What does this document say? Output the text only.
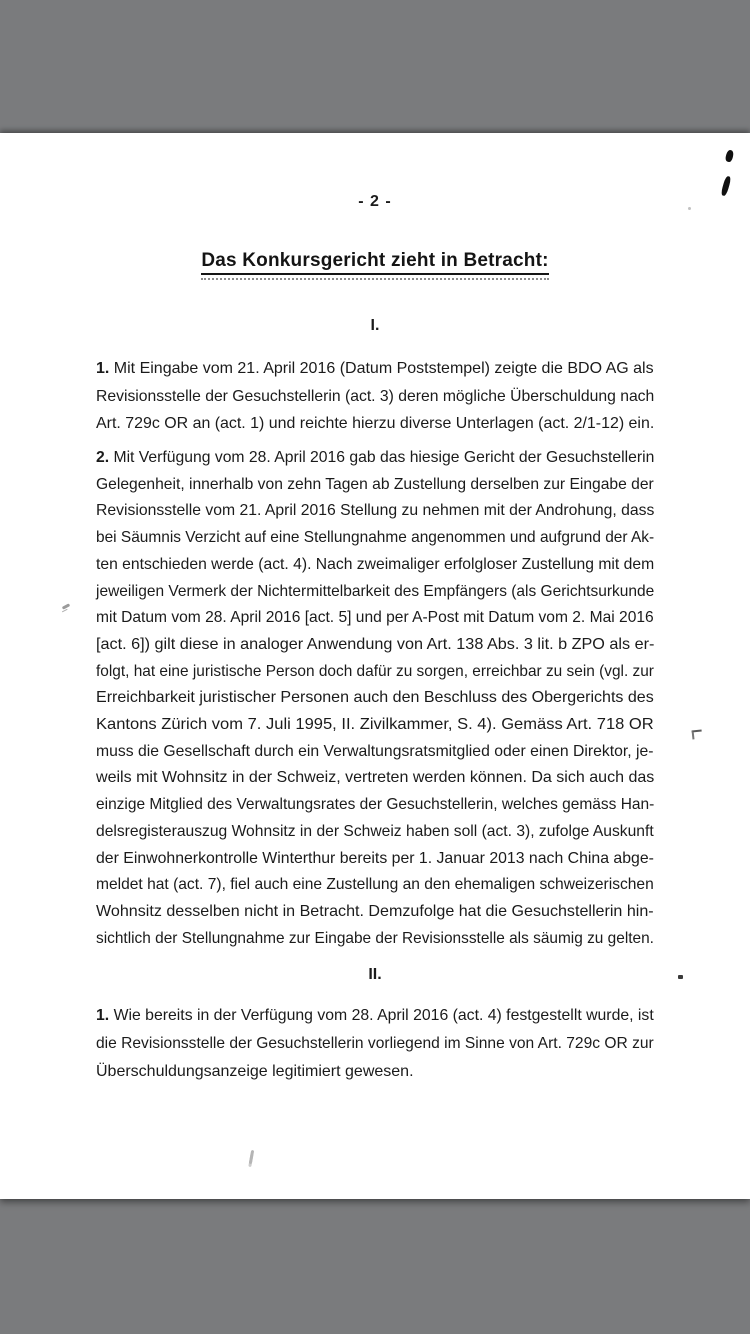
- 2 -
Das Konkursgericht zieht in Betracht:
I.
1. Mit Eingabe vom 21. April 2016 (Datum Poststempel) zeigte die BDO AG als
Revisionsstelle der Gesuchstellerin (act. 3) deren mögliche Überschuldung nach
Art. 729c OR an (act. 1) und reichte hierzu diverse Unterlagen (act. 2/1-12) ein.
2. Mit Verfügung vom 28. April 2016 gab das hiesige Gericht der Gesuchstellerin
Gelegenheit, innerhalb von zehn Tagen ab Zustellung derselben zur Eingabe der
Revisionsstelle vom 21. April 2016 Stellung zu nehmen mit der Androhung, dass
bei Säumnis Verzicht auf eine Stellungnahme angenommen und aufgrund der Ak-
ten entschieden werde (act. 4). Nach zweimaliger erfolgloser Zustellung mit dem
jeweiligen Vermerk der Nichtermittelbarkeit des Empfängers (als Gerichtsurkunde
mit Datum vom 28. April 2016 [act. 5] und per A-Post mit Datum vom 2. Mai 2016
[act. 6]) gilt diese in analoger Anwendung von Art. 138 Abs. 3 lit. b ZPO als er-
folgt, hat eine juristische Person doch dafür zu sorgen, erreichbar zu sein (vgl. zur
Erreichbarkeit juristischer Personen auch den Beschluss des Obergerichts des
Kantons Zürich vom 7. Juli 1995, II. Zivilkammer, S. 4). Gemäss Art. 718 OR
muss die Gesellschaft durch ein Verwaltungsratsmitglied oder einen Direktor, je-
weils mit Wohnsitz in der Schweiz, vertreten werden können. Da sich auch das
einzige Mitglied des Verwaltungsrates der Gesuchstellerin, welches gemäss Han-
delsregisterauszug Wohnsitz in der Schweiz haben soll (act. 3), zufolge Auskunft
der Einwohnerkontrolle Winterthur bereits per 1. Januar 2013 nach China abge-
meldet hat (act. 7), fiel auch eine Zustellung an den ehemaligen schweizerischen
Wohnsitz desselben nicht in Betracht. Demzufolge hat die Gesuchstellerin hin-
sichtlich der Stellungnahme zur Eingabe der Revisionsstelle als säumig zu gelten.
II.
1. Wie bereits in der Verfügung vom 28. April 2016 (act. 4) festgestellt wurde, ist
die Revisionsstelle der Gesuchstellerin vorliegend im Sinne von Art. 729c OR zur
Überschuldungsanzeige legitimiert gewesen.
